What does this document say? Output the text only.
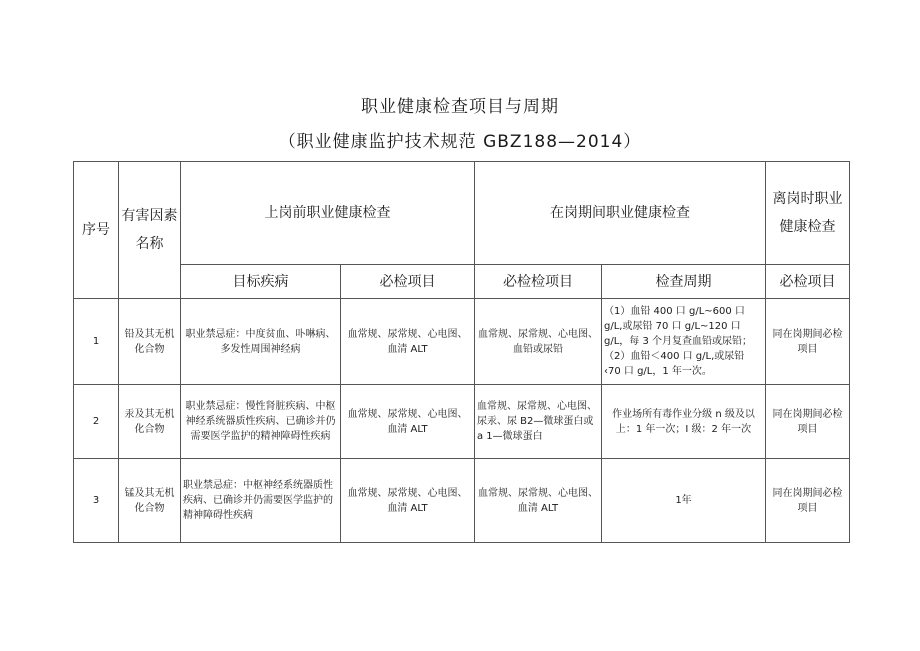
职业健康检查项目与周期
（职业健康监护技术规范 GBZ188—2014）
序号	有害因素名称	上岗前职业健康检查		在岗期间职业健康检查		离岗时职业健康检查
		目标疾病	必检项目	必检检项目	检查周期	必检项目
1	铅及其无机化合物	职业禁忌症：中度贫血、卟啉病、多发性周围神经病	血常规、尿常规、心电图、血清 ALT	血常规、尿常规、心电图、血铅或尿铅	（1）血铅 400 口 g/L~600 口 g/L,或尿铅 70 口 g/L~120 口 g/L，每 3 个月复查血铅或尿铅；（2）血铅＜400 口 g/L,或尿铅 ‹70 口 g/L，1 年一次。	同在岗期间必检项目
2	汞及其无机化合物	职业禁忌症：慢性肾脏疾病、中枢神经系统器质性疾病、已确诊并仍需要医学监护的精神障碍性疾病	血常规、尿常规、心电图、血清 ALT	血常规、尿常规、心电图、尿汞、尿 B2—微球蛋白或 a 1—微球蛋白	作业场所有毒作业分级 n 级及以上：1 年一次；I 级：2 年一次	同在岗期间必检项目
3	锰及其无机化合物	职业禁忌症：中枢神经系统器质性疾病、已确诊并仍需要医学监护的精神障碍性疾病	血常规、尿常规、心电图、血清 ALT	血常规、尿常规、心电图、血清 ALT	1年	同在岗期间必检项目
